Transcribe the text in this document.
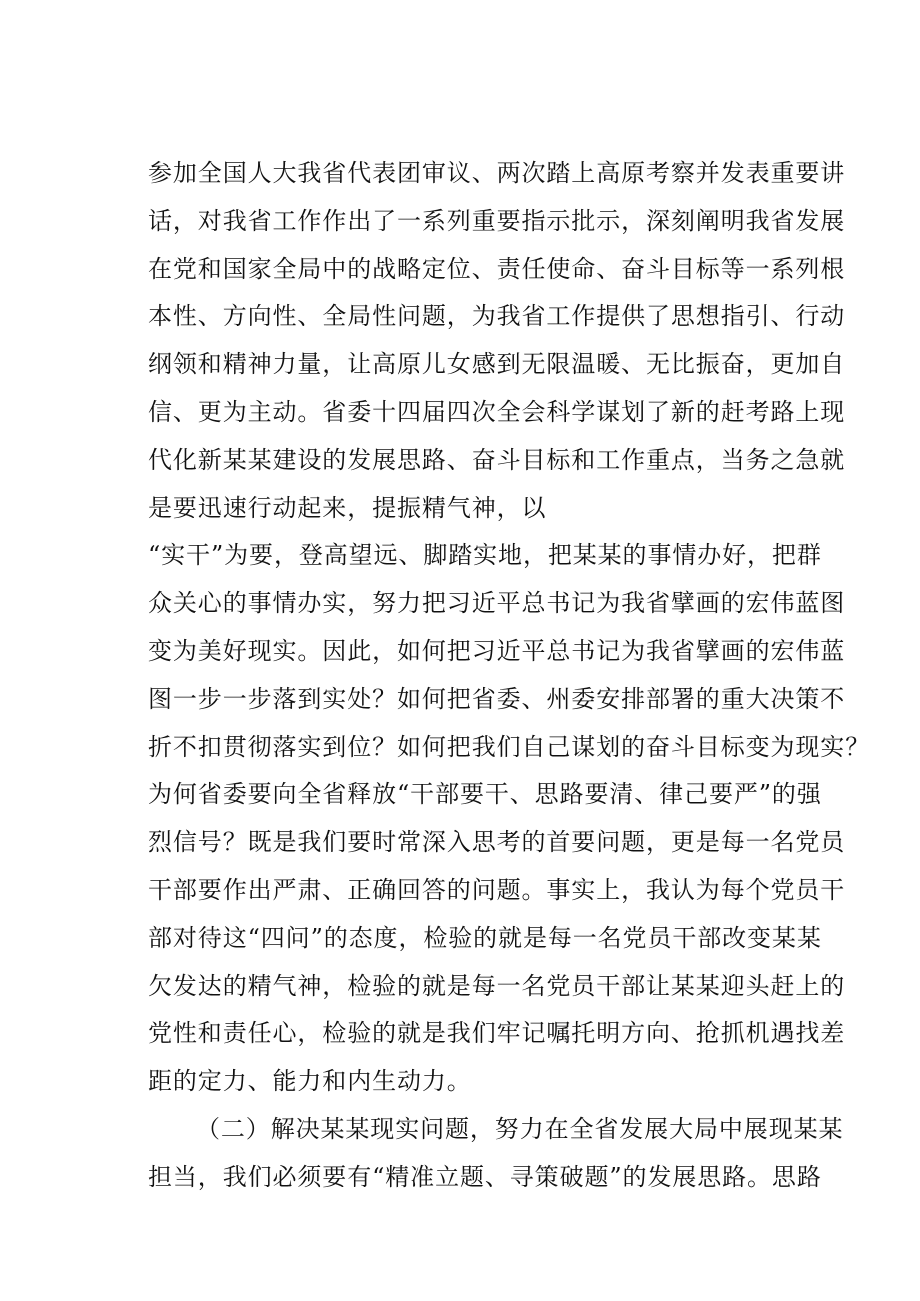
参加全国人大我省代表团审议、两次踏上高原考察并发表重要讲
话，对我省工作作出了一系列重要指示批示，深刻阐明我省发展
在党和国家全局中的战略定位、责任使命、奋斗目标等一系列根
本性、方向性、全局性问题，为我省工作提供了思想指引、行动
纲领和精神力量，让高原儿女感到无限温暖、无比振奋，更加自
信、更为主动。省委十四届四次全会科学谋划了新的赶考路上现
代化新某某建设的发展思路、奋斗目标和工作重点，当务之急就
是要迅速行动起来，提振精气神，以
“实干”为要，登高望远、脚踏实地，把某某的事情办好，把群
众关心的事情办实，努力把习近平总书记为我省擘画的宏伟蓝图
变为美好现实。因此，如何把习近平总书记为我省擘画的宏伟蓝
图一步一步落到实处？如何把省委、州委安排部署的重大决策不
折不扣贯彻落实到位？如何把我们自己谋划的奋斗目标变为现实？
为何省委要向全省释放“干部要干、思路要清、律己要严”的强
烈信号？既是我们要时常深入思考的首要问题，更是每一名党员
干部要作出严肃、正确回答的问题。事实上，我认为每个党员干
部对待这“四问”的态度，检验的就是每一名党员干部改变某某
欠发达的精气神，检验的就是每一名党员干部让某某迎头赶上的
党性和责任心，检验的就是我们牢记嘱托明方向、抢抓机遇找差
距的定力、能力和内生动力。
（二）解决某某现实问题，努力在全省发展大局中展现某某
担当，我们必须要有“精准立题、寻策破题”的发展思路。思路
